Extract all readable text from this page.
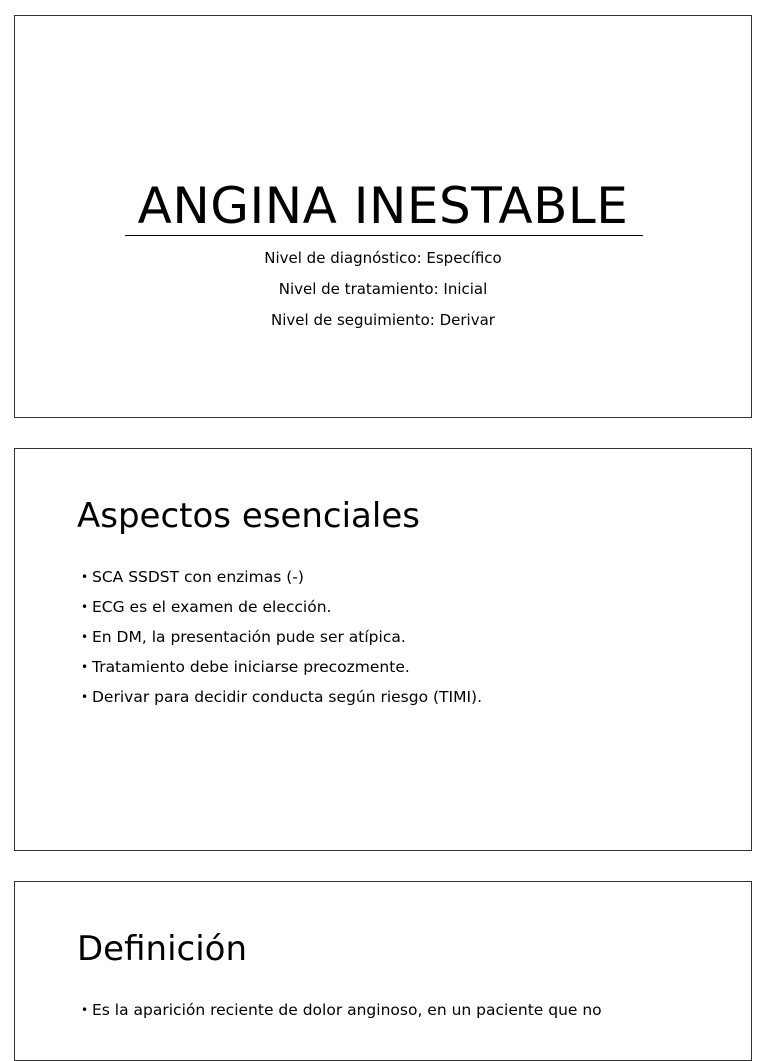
ANGINA INESTABLE
Nivel de diagnóstico: Específico
Nivel de tratamiento: Inicial
Nivel de seguimiento: Derivar
Aspectos esenciales
• SCA SSDST con enzimas (-)
• ECG es el examen de elección.
• En DM, la presentación pude ser atípica.
• Tratamiento debe iniciarse precozmente.
• Derivar para decidir conducta según riesgo (TIMI).
Definición
• Es la aparición reciente de dolor anginoso, en un paciente que no
